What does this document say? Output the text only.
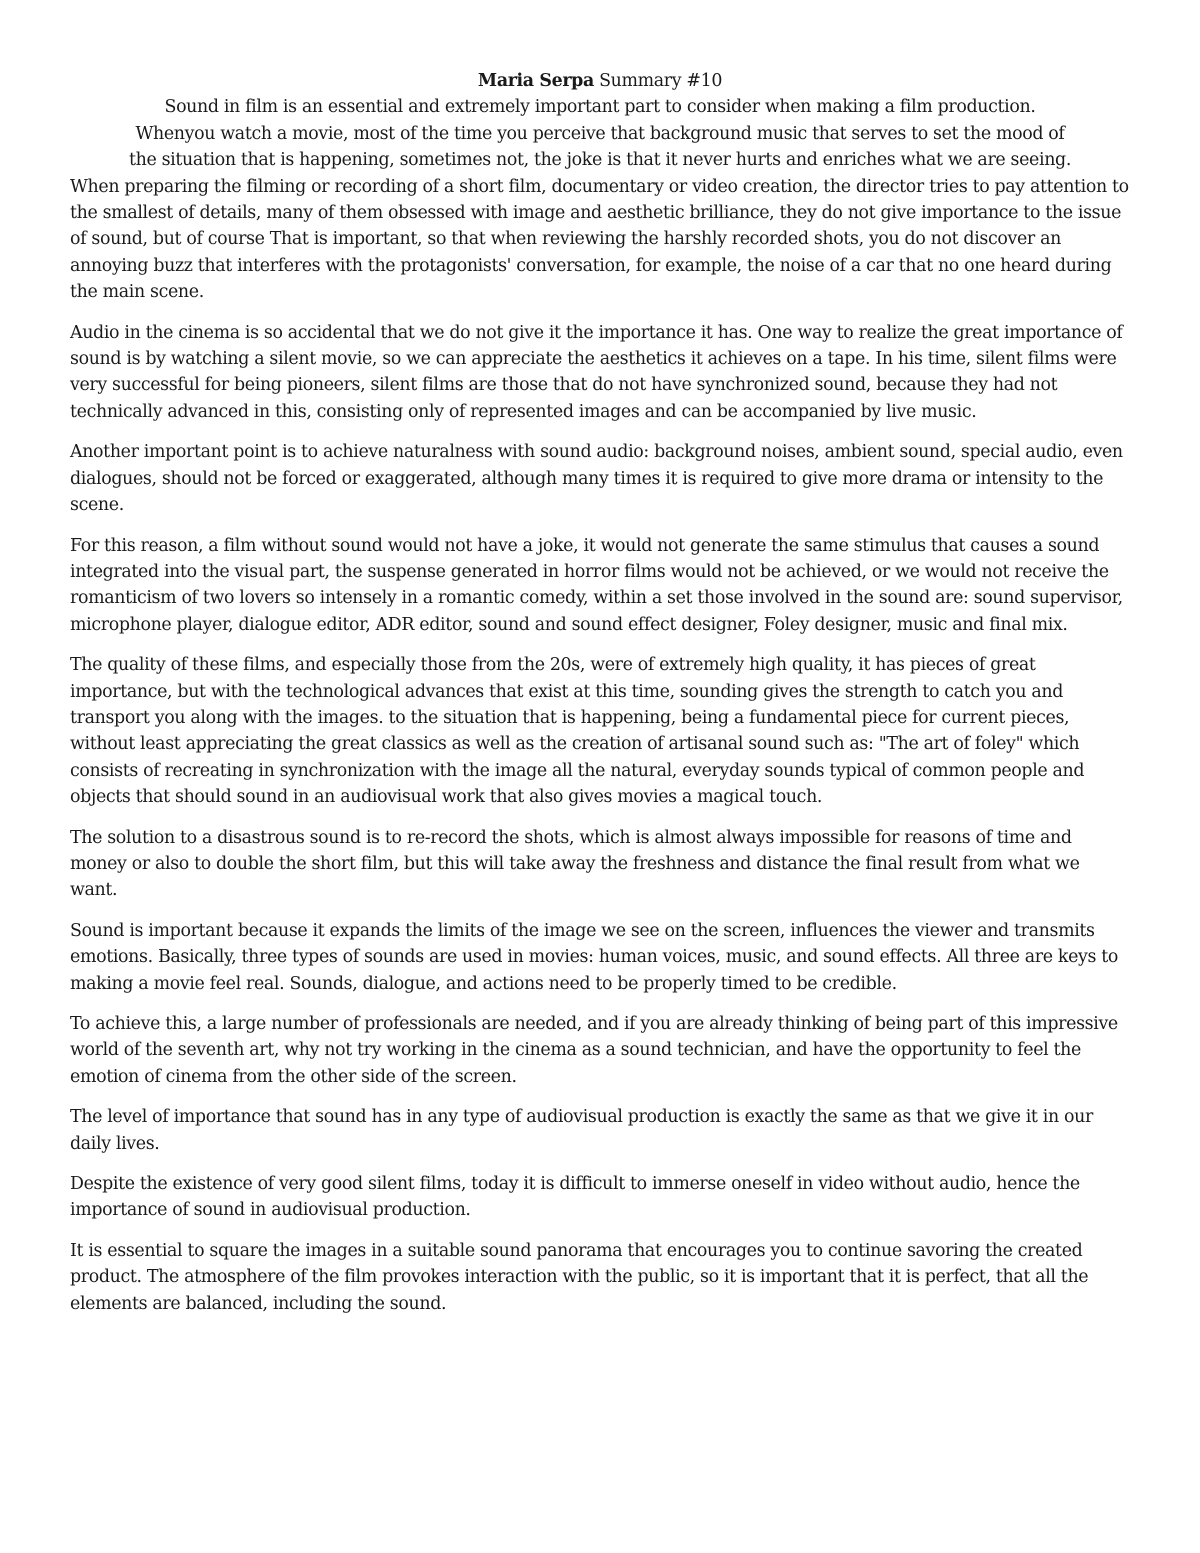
Maria Serpa Summary #10

Sound in film is an essential and extremely important part to consider when making a film production.
Whenyou watch a movie, most of the time you perceive that background music that serves to set the mood of
the situation that is happening, sometimes not, the joke is that it never hurts and enriches what we are seeing.
When preparing the filming or recording of a short film, documentary or video creation, the director tries to pay attention to the smallest of details, many of them obsessed with image and aesthetic brilliance, they do not give importance to the issue of sound, but of course That is important, so that when reviewing the harshly recorded shots, you do not discover an annoying buzz that interferes with the protagonists' conversation, for example, the noise of a car that no one heard during the main scene.

Audio in the cinema is so accidental that we do not give it the importance it has. One way to realize the great importance of sound is by watching a silent movie, so we can appreciate the aesthetics it achieves on a tape. In his time, silent films were very successful for being pioneers, silent films are those that do not have synchronized sound, because they had not technically advanced in this, consisting only of represented images and can be accompanied by live music.

Another important point is to achieve naturalness with sound audio: background noises, ambient sound, special audio, even dialogues, should not be forced or exaggerated, although many times it is required to give more drama or intensity to the scene.

For this reason, a film without sound would not have a joke, it would not generate the same stimulus that causes a sound integrated into the visual part, the suspense generated in horror films would not be achieved, or we would not receive the romanticism of two lovers so intensely in a romantic comedy, within a set those involved in the sound are: sound supervisor, microphone player, dialogue editor, ADR editor, sound and sound effect designer, Foley designer, music and final mix.

The quality of these films, and especially those from the 20s, were of extremely high quality, it has pieces of great importance, but with the technological advances that exist at this time, sounding gives the strength to catch you and transport you along with the images. to the situation that is happening, being a fundamental piece for current pieces, without least appreciating the great classics as well as the creation of artisanal sound such as: "The art of foley" which consists of recreating in synchronization with the image all the natural, everyday sounds typical of common people and objects that should sound in an audiovisual work that also gives movies a magical touch.

The solution to a disastrous sound is to re-record the shots, which is almost always impossible for reasons of time and money or also to double the short film, but this will take away the freshness and distance the final result from what we want.

Sound is important because it expands the limits of the image we see on the screen, influences the viewer and transmits emotions. Basically, three types of sounds are used in movies: human voices, music, and sound effects. All three are keys to making a movie feel real. Sounds, dialogue, and actions need to be properly timed to be credible.

To achieve this, a large number of professionals are needed, and if you are already thinking of being part of this impressive world of the seventh art, why not try working in the cinema as a sound technician, and have the opportunity to feel the emotion of cinema from the other side of the screen.

The level of importance that sound has in any type of audiovisual production is exactly the same as that we give it in our daily lives.

Despite the existence of very good silent films, today it is difficult to immerse oneself in video without audio, hence the importance of sound in audiovisual production.

It is essential to square the images in a suitable sound panorama that encourages you to continue savoring the created product. The atmosphere of the film provokes interaction with the public, so it is important that it is perfect, that all the elements are balanced, including the sound.
